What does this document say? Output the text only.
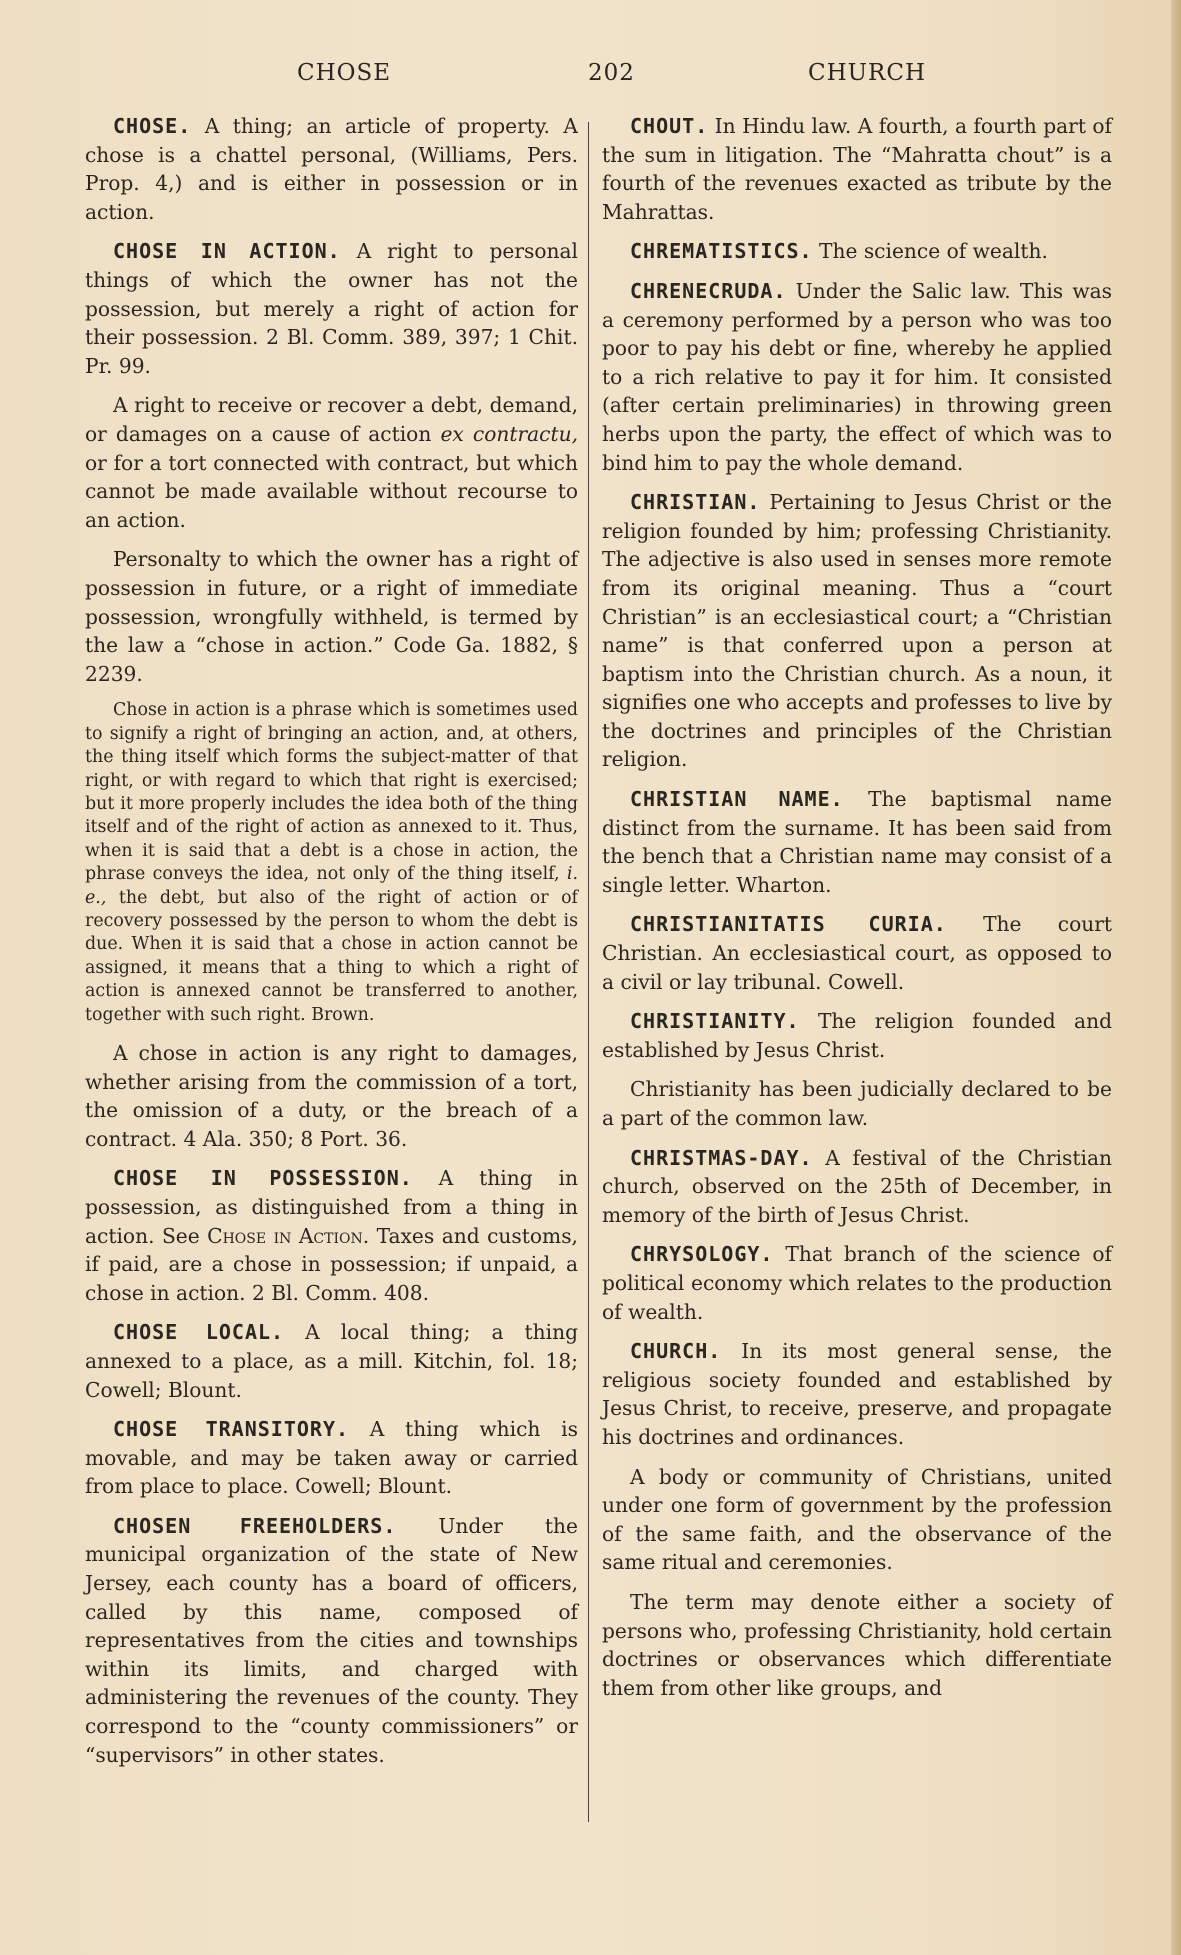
CHOSE	202	CHURCH

CHOSE. A thing; an article of property. A chose is a chattel personal, (Williams, Pers. Prop. 4,) and is either in possession or in action.

CHOSE IN ACTION. A right to personal things of which the owner has not the possession, but merely a right of action for their possession. 2 Bl. Comm. 389, 397; 1 Chit. Pr. 99.

A right to receive or recover a debt, demand, or damages on a cause of action ex contractu, or for a tort connected with contract, but which cannot be made available without recourse to an action.

Personalty to which the owner has a right of possession in future, or a right of immediate possession, wrongfully withheld, is termed by the law a “chose in action.” Code Ga. 1882, § 2239.

Chose in action is a phrase which is sometimes used to signify a right of bringing an action, and, at others, the thing itself which forms the subject-matter of that right, or with regard to which that right is exercised; but it more properly includes the idea both of the thing itself and of the right of action as annexed to it. Thus, when it is said that a debt is a chose in action, the phrase conveys the idea, not only of the thing itself, i. e., the debt, but also of the right of action or of recovery possessed by the person to whom the debt is due. When it is said that a chose in action cannot be assigned, it means that a thing to which a right of action is annexed cannot be transferred to another, together with such right. Brown.

A chose in action is any right to damages, whether arising from the commission of a tort, the omission of a duty, or the breach of a contract. 4 Ala. 350; 8 Port. 36.

CHOSE IN POSSESSION. A thing in possession, as distinguished from a thing in action. See Chose in Action. Taxes and customs, if paid, are a chose in possession; if unpaid, a chose in action. 2 Bl. Comm. 408.

CHOSE LOCAL. A local thing; a thing annexed to a place, as a mill. Kitchin, fol. 18; Cowell; Blount.

CHOSE TRANSITORY. A thing which is movable, and may be taken away or carried from place to place. Cowell; Blount.

CHOSEN FREEHOLDERS. Under the municipal organization of the state of New Jersey, each county has a board of officers, called by this name, composed of representatives from the cities and townships within its limits, and charged with administering the revenues of the county. They correspond to the “county commissioners” or “supervisors” in other states.

CHOUT. In Hindu law. A fourth, a fourth part of the sum in litigation. The “Mahratta chout” is a fourth of the revenues exacted as tribute by the Mahrattas.

CHREMATISTICS. The science of wealth.

CHRENECRUDA. Under the Salic law. This was a ceremony performed by a person who was too poor to pay his debt or fine, whereby he applied to a rich relative to pay it for him. It consisted (after certain preliminaries) in throwing green herbs upon the party, the effect of which was to bind him to pay the whole demand.

CHRISTIAN. Pertaining to Jesus Christ or the religion founded by him; professing Christianity. The adjective is also used in senses more remote from its original meaning. Thus a “court Christian” is an ecclesiastical court; a “Christian name” is that conferred upon a person at baptism into the Christian church. As a noun, it signifies one who accepts and professes to live by the doctrines and principles of the Christian religion.

CHRISTIAN NAME. The baptismal name distinct from the surname. It has been said from the bench that a Christian name may consist of a single letter. Wharton.

CHRISTIANITATIS CURIA. The court Christian. An ecclesiastical court, as opposed to a civil or lay tribunal. Cowell.

CHRISTIANITY. The religion founded and established by Jesus Christ.

Christianity has been judicially declared to be a part of the common law.

CHRISTMAS-DAY. A festival of the Christian church, observed on the 25th of December, in memory of the birth of Jesus Christ.

CHRYSOLOGY. That branch of the science of political economy which relates to the production of wealth.

CHURCH. In its most general sense, the religious society founded and established by Jesus Christ, to receive, preserve, and propagate his doctrines and ordinances.

A body or community of Christians, united under one form of government by the profession of the same faith, and the observance of the same ritual and ceremonies.

The term may denote either a society of persons who, professing Christianity, hold certain doctrines or observances which differentiate them from other like groups, and
